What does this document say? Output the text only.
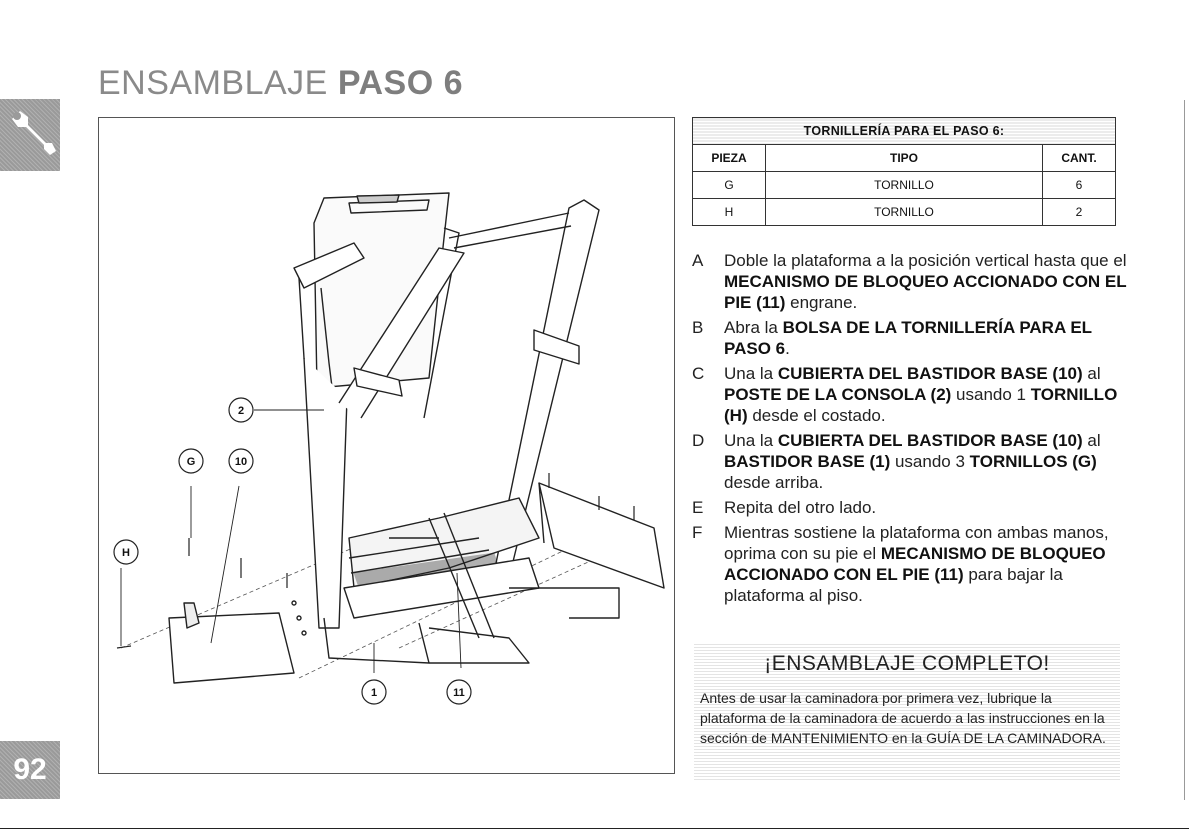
ENSAMBLAJE PASO 6
92
2
G	10
H
1	11
TORNILLERÍA PARA EL PASO 6:		
PIEZA	TIPO	CANT.
G	TORNILLO	6
H	TORNILLO	2
A	Doble la plataforma a la posición vertical hasta que el MECANISMO DE BLOQUEO ACCIONADO CON EL PIE (11) engrane.
B	Abra la BOLSA DE LA TORNILLERÍA PARA EL PASO 6.
C	Una la CUBIERTA DEL BASTIDOR BASE (10) al POSTE DE LA CONSOLA (2) usando 1 TORNILLO (H) desde el costado.
D	Una la CUBIERTA DEL BASTIDOR BASE (10) al BASTIDOR BASE (1) usando 3 TORNILLOS (G) desde arriba.
E	Repita del otro lado.
F	Mientras sostiene la plataforma con ambas manos, oprima con su pie el MECANISMO DE BLOQUEO ACCIONADO CON EL PIE (11) para bajar la plataforma al piso.
¡ENSAMBLAJE COMPLETO!
Antes de usar la caminadora por primera vez, lubrique la plataforma de la caminadora de acuerdo a las instrucciones en la sección de MANTENIMIENTO en la GUÍA DE LA CAMINADORA.
